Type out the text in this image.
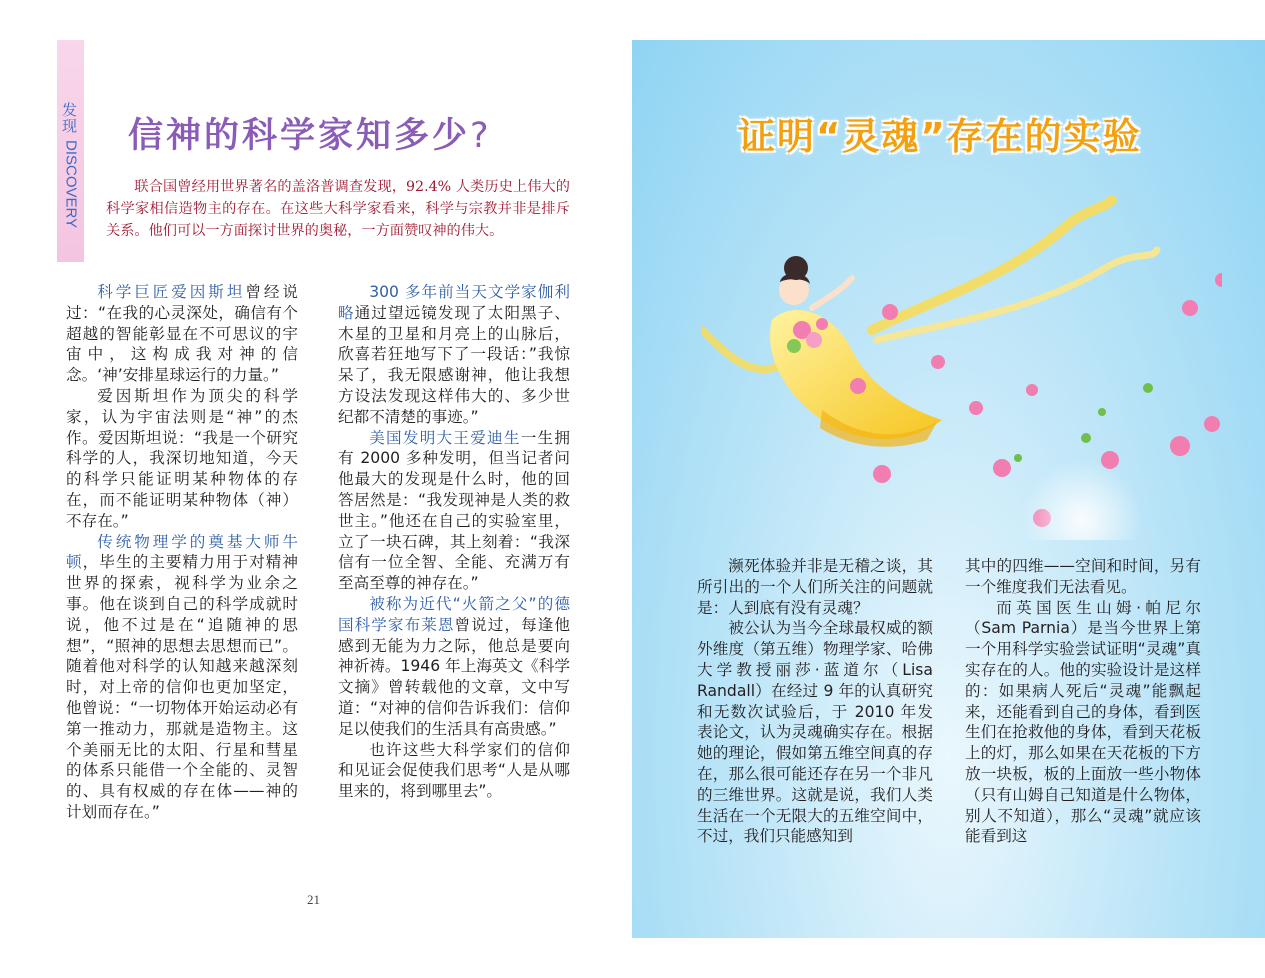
发现
DISCOVERY
信神的科学家知多少?

联合国曾经用世界著名的盖洛普调查发现，92.4% 人类历史上伟大的科学家相信造物主的存在。在这些大科学家看来，科学与宗教并非是排斥关系。他们可以一方面探讨世界的奥秘，一方面赞叹神的伟大。

科学巨匠爱因斯坦曾经说过：“在我的心灵深处，确信有个超越的智能彰显在不可思议的宇宙中，这构成我对神的信念。‘神’安排星球运行的力量。”

爱因斯坦作为顶尖的科学家，认为宇宙法则是“神”的杰作。爱因斯坦说：“我是一个研究科学的人，我深切地知道，今天的科学只能证明某种物体的存在，而不能证明某种物体（神）不存在。”

传统物理学的奠基大师牛顿，毕生的主要精力用于对精神世界的探索，视科学为业余之事。他在谈到自己的科学成就时说，他不过是在“追随神的思想”，“照神的思想去思想而已”。随着他对科学的认知越来越深刻时，对上帝的信仰也更加坚定，他曾说：“一切物体开始运动必有第一推动力，那就是造物主。这个美丽无比的太阳、行星和彗星的体系只能借一个全能的、灵智的、具有权威的存在体——神的计划而存在。”

300 多年前当天文学家伽利略通过望远镜发现了太阳黑子、木星的卫星和月亮上的山脉后，欣喜若狂地写下了一段话：”我惊呆了，我无限感谢神，他让我想方设法发现这样伟大的、多少世纪都不清楚的事迹。”

美国发明大王爱迪生一生拥有 2000 多种发明，但当记者问他最大的发现是什么时，他的回答居然是：“我发现神是人类的救世主。”他还在自己的实验室里，立了一块石碑，其上刻着：“我深信有一位全智、全能、充满万有至高至尊的神存在。”

被称为近代“火箭之父”的德国科学家布莱恩曾说过，每逢他感到无能为力之际，他总是要向神祈祷。1946 年上海英文《科学文摘》曾转载他的文章，文中写道：“对神的信仰告诉我们：信仰足以使我们的生活具有高贵感。”

也许这些大科学家们的信仰和见证会促使我们思考“人是从哪里来的，将到哪里去”。

21
证明“灵魂”存在的实验

濒死体验并非是无稽之谈，其所引出的一个人们所关注的问题就是：人到底有没有灵魂？

被公认为当今全球最权威的额外维度（第五维）物理学家、哈佛大学教授丽莎·蓝道尔（Lisa Randall）在经过 9 年的认真研究和无数次试验后，于 2010 年发表论文，认为灵魂确实存在。根据她的理论，假如第五维空间真的存在，那么很可能还存在另一个非凡的三维世界。这就是说，我们人类生活在一个无限大的五维空间中，不过，我们只能感知到

其中的四维——空间和时间，另有一个维度我们无法看见。

而英国医生山姆·帕尼尔（Sam Parnia）是当今世界上第一个用科学实验尝试证明“灵魂”真实存在的人。他的实验设计是这样的：如果病人死后“灵魂”能飘起来，还能看到自己的身体，看到医生们在抢救他的身体，看到天花板上的灯，那么如果在天花板的下方放一块板，板的上面放一些小物体（只有山姆自己知道是什么物体，别人不知道），那么“灵魂”就应该能看到这
